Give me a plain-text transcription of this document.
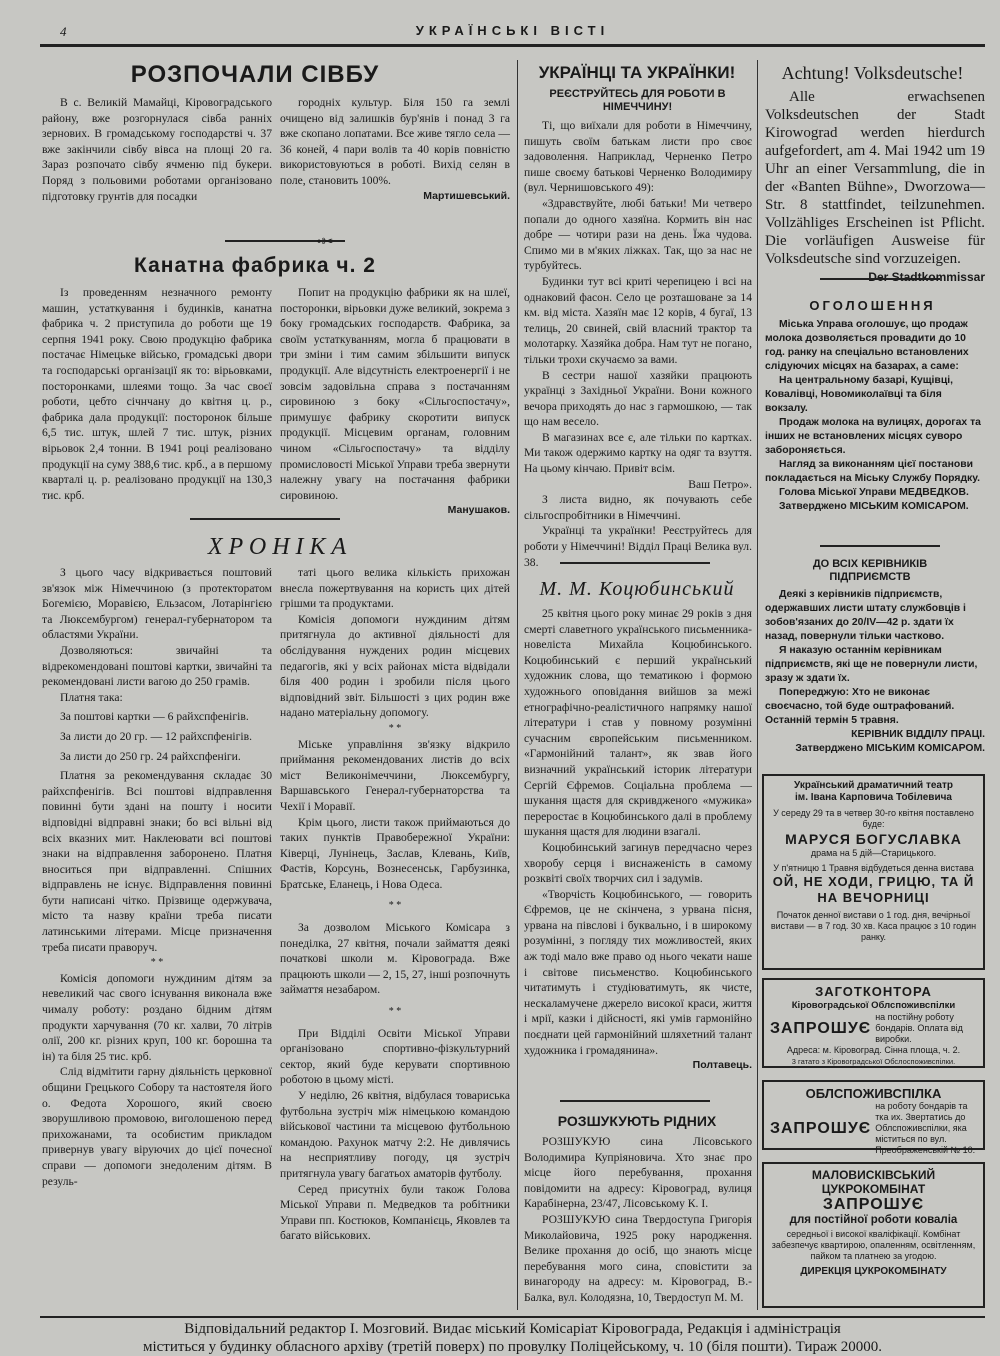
4	УКРАЇНСЬКІ ВІСТІ
РОЗПОЧАЛИ СІВБУ

В с. Великій Мамайці, Кіровоградського району, вже розгорнулася сівба ранніх зернових. В громадському господарстві ч. 37 вже закінчили сівбу вівса на площі 20 га. Зараз розпочато сівбу ячменю під букери. Поряд з польовими роботами організовано підготовку грунтів для посадки

городніх культур. Біля 150 га землі очищено від залишків бур'янів і понад 3 га вже скопано лопатами. Все живе тягло села — 36 коней, 4 пари волів та 40 корів повністю використовуються в роботі. Вихід селян в поле, становить 100%.

Мартишевський.
•✂
Канатна фабрика ч. 2

Із проведенням незначного ремонту машин, устаткування і будинків, канатна фабрика ч. 2 приступила до роботи ще 19 серпня 1941 року. Свою продукцію фабрика постачає Німецьке військо, громадські двори та господарські організації як то: вірьовками, посторонками, шлеями тощо. За час своєї роботи, цебто січнчану до квітня ц. р., фабрика дала продукції: посторонок більше 6,5 тис. штук, шлей 7 тис. штук, різних вірьовок 2,4 тонни. В 1941 році реалізовано продукції на суму 388,6 тис. крб., а в першому кварталі ц. р. реалізовано продукції на 130,3 тис. крб.

Попит на продукцію фабрики як на шлеї, посторонки, вірьовки дуже великий, зокрема з боку громадських господарств. Фабрика, за своїм устаткуванням, могла б працювати в три зміни і тим самим збільшити випуск продукції. Але відсутність електроенергії і не зовсім задовільна справа з постачанням сировиною з боку «Сільгоспостачу», примушує фабрику скоротити випуск продукції. Місцевим органам, головним чином «Сільгоспостачу» та відділу промисловості Міської Управи треба звернути належну увагу на постачання фабрики сировиною.

Манушаков.
ХРОНІКА

З цього часу відкривається поштовий зв'язок між Німеччиною (з протекторатом Богемією, Моравією, Ельзасом, Лотарінгією та Люксембургом) генерал-губернатором та областями України.

Дозволяються: звичайні та відрекомендовані поштові картки, звичайні та рекомендовані листи вагою до 250 грамів.

Платня така:

За поштові картки — 6 райхспфенігів.

За листи до 20 гр. — 12 райхспфенігів.

За листи до 250 гр. 24 райхспфеніги.

Платня за рекомендування складає 30 райхспфенігів. Всі поштові відправлення повинні бути здані на пошту і носити відповідні відправні знаки; бо всі вільні від всіх вказних мит. Наклеювати всі поштові знаки на відправлення заборонено. Платня вноситься при відправленні. Спішних відправлень не існує. Відправлення повинні бути написані чітко. Прізвище одержувача, місто та назву країни треба писати латинськими літерами. Місце призначення треба писати праворуч.

* *

Комісія допомоги нуждиним дітям за невеликий час свого існування виконала вже чималу роботу: роздано бідним дітям продукти харчування (70 кг. халви, 70 літрів олії, 200 кг. різних круп, 100 кг. борошна та ін) та біля 25 тис. крб.

Слід відмітити гарну діяльність церковної общини Грецького Собору та настоятеля його о. Федота Хорошого, який своєю зворушливою промовою, виголошеною перед прихожанами, та особистим прикладом привернув увагу віруючих до цієї почесної справи — допомоги знедоленим дітям. В резуль-

таті цього велика кількість прихожан внесла пожертвування на користь цих дітей грішми та продуктами.

Комісія допомоги нуждиним дітям притягнула до активної діяльності для обслідування нуждених родин місцевих педагогів, які у всіх районах міста відвідали біля 400 родин і зробили після цього відповідний звіт. Більшості з цих родин вже надано матеріальну допомогу.

* *

Міське управління зв'язку відкрило приймання рекомендованих листів до всіх міст Великонімеччини, Люксембургу, Варшавського Генерал-губернаторства та Чехії і Моравії.

Крім цього, листи також приймаються до таких пунктів Правобережної України: Ківерці, Лунінець, Заслав, Клевань, Київ, Фастів, Корсунь, Вознесенськ, Гарбузинка, Братське, Еланець, і Нова Одеса.

* *

За дозволом Міського Комісара з понеділка, 27 квітня, почали займаття деякі початкові школи м. Кіровограда. Вже працюють школи — 2, 15, 27, інші розпочнуть займаття незабаром.

* *

При Відділі Освіти Міської Управи організовано спортивно-фізкультурний сектор, який буде керувати спортивною роботою в цьому місті.

У неділю, 26 квітня, відбулася товариська футбольна зустріч між німецькою командою військової частини та місцевою футбольною командою. Рахунок матчу 2:2. Не дивлячись на несприятливу погоду, ця зустріч притягнула увагу багатьох аматорів футболу.

Серед присутніх були також Голова Міської Управи п. Медведков та робітники Управи пп. Костюков, Компанієць, Яковлев та багато військових.

УКРАЇНЦІ ТА УКРАЇНКИ!
РЕЄСТРУЙТЕСЬ ДЛЯ РОБОТИ В НІМЕЧЧИНУ!

Ті, що виїхали для роботи в Німеччину, пишуть своїм батькам листи про своє задоволення. Наприклад, Черненко Петро пише своєму батькові Черненко Володимиру (вул. Чернишовського 49):

«Здравствуйте, любі батьки! Ми четверо попали до одного хазяїна. Кормить він нас добре — чотири рази на день. Їжа чудова. Спимо ми в м'яких ліжках. Так, що за нас не турбуйтесь.

Будинки тут всі криті черепицею і всі на однаковий фасон. Село це розташоване за 14 км. від міста. Хазяїн має 12 корів, 4 бугаї, 13 телиць, 20 свиней, свій власний трактор та молотарку. Хазяйка добра. Нам тут не погано, тільки трохи скучаємо за вами.

В сестри нашої хазяйки працюють українці з Західньої України. Вони кожного вечора приходять до нас з гармошкою, — так що нам весело.

В магазинах все є, але тільки по картках. Ми також одержимо картку на одяг та взуття. На цьому кінчаю. Привіт всім.

Ваш Петро».

З листа видно, як почувають себе сільгоспробітники в Німеччині.

Українці та українки! Реєструйтесь для роботи у Німеччині! Відділ Праці Велика вул. 38.

М. М. Коцюбинський

25 квітня цього року минає 29 років з дня смерті славетного українського письменника-новеліста Михайла Коцюбинського. Коцюбинський є перший український художник слова, що тематикою і формою художнього оповідання вийшов за межі етнографічно-реалістичного напрямку нашої літератури і став у повному розумінні сучасним європейським письменником. «Гармонійний талант», як звав його визначний український історик літератури Сергій Єфремов. Соціальна проблема — шукання щастя для скривдженого «мужика» переростає в Коцюбинського далі в проблему шукання щастя для людини взагалі.

Коцюбинський загинув передчасно через хворобу серця і виснаженість в самому розквіті своїх творчих сил і задумів.

«Творчість Коцюбинського, — говорить Єфремов, це не скінчена, з урвана пісня, урвана на півслові і буквально, і в широкому розумінні, з погляду тих можливостей, яких аж тоді мало вже право од нього чекати наше і світове письменство. Коцюбинського читатимуть і студіюватимуть, як чисте, нескаламучене джерело високої краси, життя і мрії, казки і дійсності, які умів гармонійно поєднати цей гармонійний шляхетний талант художника і громадянина».

Полтавець.
РОЗШУКУЮТЬ РІДНИХ

РОЗШУКУЮ сина Лісовського Володимира Купріяновича. Хто знає про місце його перебування, прохання повідомити на адресу: Кіровоград, вулиця Карабінерна, 23/47, Лісовському К. І.

РОЗШУКУЮ сина Твердоступа Григорія Миколайовича, 1925 року народження. Велике прохання до осіб, що знають місце перебування мого сина, сповістити за винагороду на адресу: м. Кіровоград, В.-Балка, вул. Колодязна, 10, Твердоступ М. М.

Achtung! Volksdeutsche!

Alle erwachsenen Volksdeutschen der Stadt Kirowograd werden hierdurch aufgefordert, am 4. Mai 1942 um 19 Uhr an einer Versammlung, die in der «Banten Bühne», Dworzowa—Str. 8 stattfindet, teilzunehmen. Vollzähliges Erscheinen ist Pflicht. Die vorläufigen Ausweise für Volksdeutsche sind vorzuzeigen.

Der Stadtkommissar
ОГОЛОШЕННЯ

Міська Управа оголошує, що продаж молока дозволяється провадити до 10 год. ранку на спеціально встановлених слідуючих місцях на базарах, а саме:

На центральному базарі, Кущівці, Ковалівці, Новомиколаївці та біля вокзалу.

Продаж молока на вулицях, дорогах та інших не встановлених місцях суворо забороняється.

Нагляд за виконанням цієї постанови покладається на Міську Службу Порядку.

Голова Міської Управи МЕДВЕДКОВ.

Затверджено МІСЬКИМ КОМІСАРОМ.

ДО ВСІХ КЕРІВНИКІВ ПІДПРИЄМСТВ

Деякі з керівників підприємств, одержавших листи штату службовців і зобов'язаних до 20/IV—42 р. здати їх назад, повернули тільки частково.

Я наказую останнім керівникам підприємств, які ще не повернули листи, зразу ж здати їх.

Попереджую: Хто не виконає своєчасно, той буде оштрафований. Останній термін 5 травня.

КЕРІВНИК ВІДДІЛУ ПРАЦІ.

Затверджено МІСЬКИМ КОМІСАРОМ.

Український драматичний театр
ім. Івана Карповича Тобілевича
У середу 29 та в четвер 30-го квітня поставлено буде:
МАРУСЯ БОГУСЛАВКА
драма на 5 дій—Старицького.
У п'ятницю 1 Травня відбудеться денна вистава
ОЙ, НЕ ХОДИ, ГРИЦЮ, ТА Й НА ВЕЧОРНИЦІ
Початок денної вистави о 1 год. дня, вечірньої вистави — в 7 год. 30 хв. Каса працює з 10 годин ранку.
ЗАГОТКОНТОРА
Кіровоградської Облспоживспілки
ЗАПРОШУЄ
на постійну роботу бондарів. Оплата від виробки.
Адреса: м. Кіровоград. Сінна площа, ч. 2.
3 гатато з Кіровоградської Обслоспоживспілки.
ОБЛСПОЖИВСПІЛКА
ЗАПРОШУЄ
на роботу бондарів та тка их. Звертатись до Облспоживспілки, яка міститься по вул. Преображенській № 10.
МАЛОВИСКІВСЬКИЙ ЦУКРОКОМБІНАТ
ЗАПРОШУЄ
для постійної роботи коваліа
середньої і високої кваліфікації. Комбінат забезпечує квартирою, опаленням, освітленням, пайком та платнею за угодою.
ДИРЕКЦІЯ ЦУКРОКОМБІНАТУ
Відповідальний редактор І. Мозговий. Видає міський Комісаріат Кіровограда, Редакція і адміністрація
міститься у будинку обласного архіву (третій поверх) по провулку Поліцейському, ч. 10 (біля пошти). Тираж 20000.
